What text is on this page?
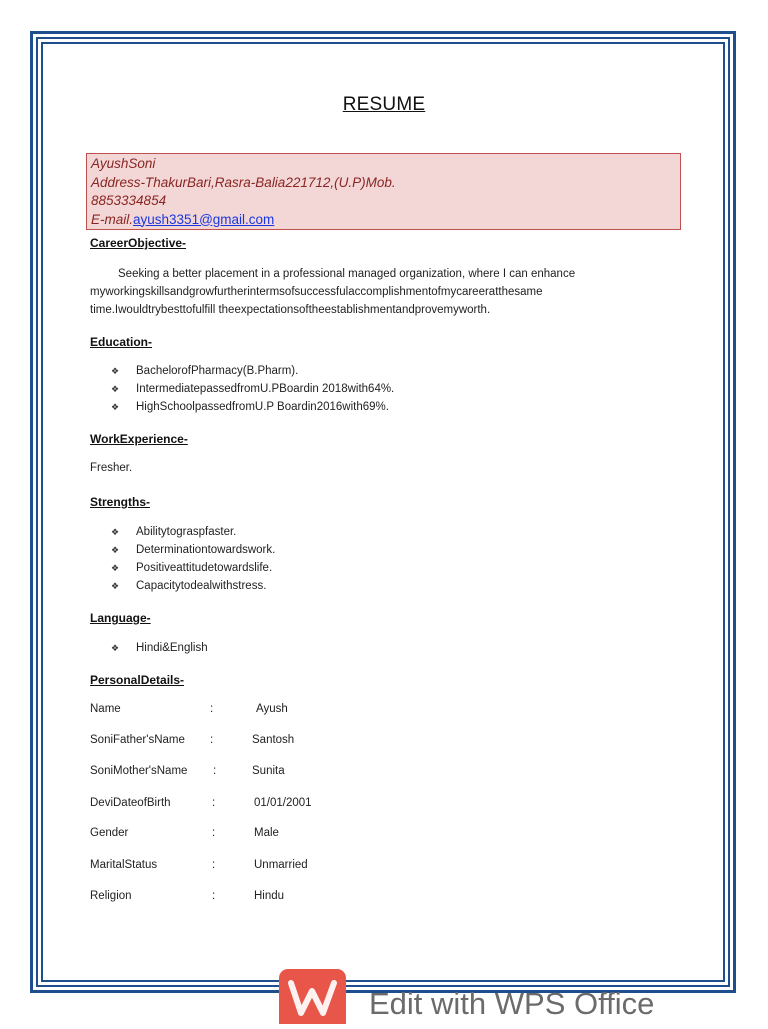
RESUME
AyushSoni
Address-ThakurBari,Rasra-Balia221712,(U.P)Mob.
8853334854
E-mail.ayush3351@gmail.com
CareerObjective-
Seeking a better placement in a professional managed organization, where I can enhance
myworkingskillsandgrowfurtherintermsofsuccessfulaccomplishmentofmycareeratthesame
time.Iwouldtrybesttofulfill theexpectationsoftheestablishmentandprovemyworth.
Education-
❖ BachelorofPharmacy(B.Pharm).
❖ IntermediatepassedfromU.PBoardin 2018with64%.
❖ HighSchoolpassedfromU.P Boardin2016with69%.
WorkExperience-
Fresher.
Strengths-
❖ Abilitytograspfaster.
❖ Determinationtowardswork.
❖ Positiveattitudetowardslife.
❖ Capacitytodealwithstress.
Language-
❖ Hindi&English
PersonalDetails-
Name	:	Ayush
SoniFather'sName :	Santosh
SoniMother'sName :	Sunita
DeviDateofBirth	:	01/01/2001
Gender	:	Male
MaritalStatus	:	Unmarried
Religion	:	Hindu
Edit with WPS Office
